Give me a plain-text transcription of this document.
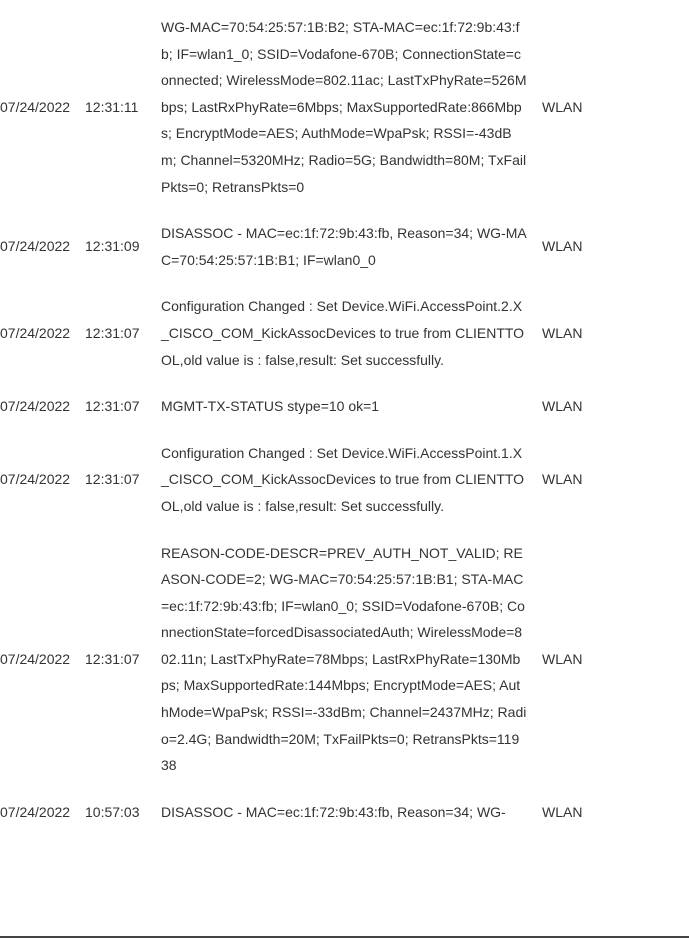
07/24/2022	12:31:11	WG-MAC=70:54:25:57:1B:B2; STA-MAC=ec:1f:72:9b:43:fb; IF=wlan1_0; SSID=Vodafone-670B; ConnectionState=connected; WirelessMode=802.11ac; LastTxPhyRate=526Mbps; LastRxPhyRate=6Mbps; MaxSupportedRate:866Mbps; EncryptMode=AES; AuthMode=WpaPsk; RSSI=-43dBm; Channel=5320MHz; Radio=5G; Bandwidth=80M; TxFailPkts=0; RetransPkts=0	WLAN
07/24/2022	12:31:09	DISASSOC - MAC=ec:1f:72:9b:43:fb, Reason=34; WG-MAC=70:54:25:57:1B:B1; IF=wlan0_0	WLAN
07/24/2022	12:31:07	Configuration Changed : Set Device.WiFi.AccessPoint.2.X_CISCO_COM_KickAssocDevices to true from CLIENTTOOL,old value is : false,result: Set successfully.	WLAN
07/24/2022	12:31:07	MGMT-TX-STATUS stype=10 ok=1	WLAN
07/24/2022	12:31:07	Configuration Changed : Set Device.WiFi.AccessPoint.1.X_CISCO_COM_KickAssocDevices to true from CLIENTTOOL,old value is : false,result: Set successfully.	WLAN
07/24/2022	12:31:07	REASON-CODE-DESCR=PREV_AUTH_NOT_VALID; REASON-CODE=2; WG-MAC=70:54:25:57:1B:B1; STA-MAC=ec:1f:72:9b:43:fb; IF=wlan0_0; SSID=Vodafone-670B; ConnectionState=forcedDisassociatedAuth; WirelessMode=802.11n; LastTxPhyRate=78Mbps; LastRxPhyRate=130Mbps; MaxSupportedRate:144Mbps; EncryptMode=AES; AuthMode=WpaPsk; RSSI=-33dBm; Channel=2437MHz; Radio=2.4G; Bandwidth=20M; TxFailPkts=0; RetransPkts=11938	WLAN
07/24/2022	10:57:03	DISASSOC - MAC=ec:1f:72:9b:43:fb, Reason=34; WG-	WLAN
